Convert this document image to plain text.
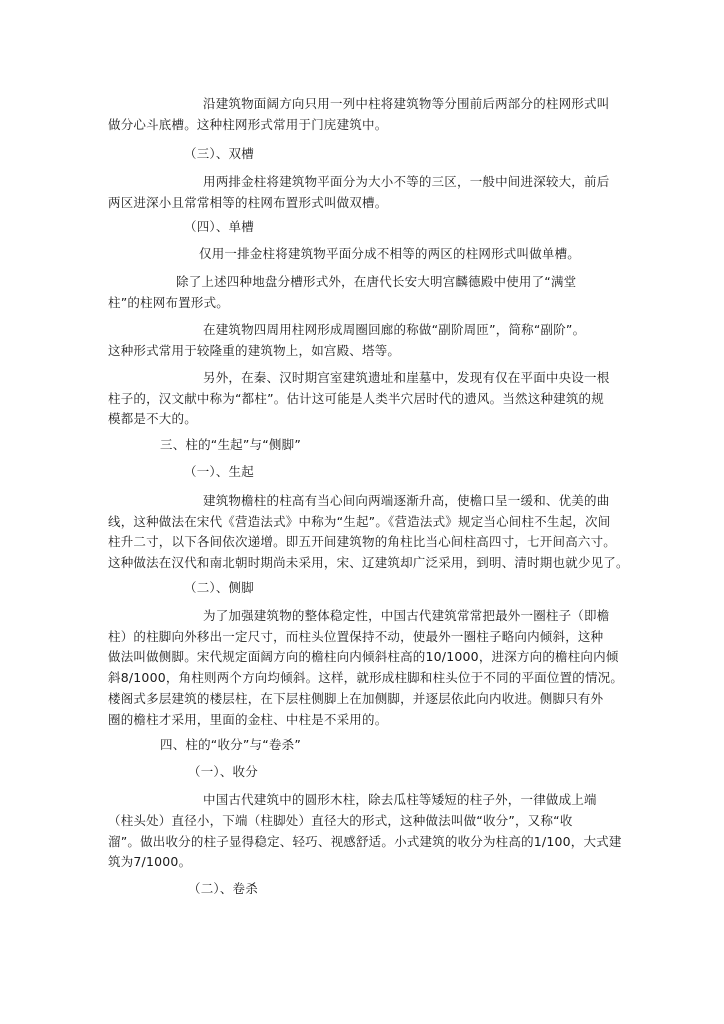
沿建筑物面阔方向只用一列中柱将建筑物等分围前后两部分的柱网形式叫
做分心斗底槽。这种柱网形式常用于门庑建筑中。
（三）、双槽
用两排金柱将建筑物平面分为大小不等的三区，一般中间进深较大，前后
两区进深小且常常相等的柱网布置形式叫做双槽。
（四）、单槽
仅用一排金柱将建筑物平面分成不相等的两区的柱网形式叫做单槽。
除了上述四种地盘分槽形式外，在唐代长安大明宫麟德殿中使用了“满堂
柱”的柱网布置形式。
在建筑物四周用柱网形成周圈回廊的称做“副阶周匝”，简称“副阶”。
这种形式常用于较隆重的建筑物上，如宫殿、塔等。
另外，在秦、汉时期宫室建筑遗址和崖墓中，发现有仅在平面中央设一根
柱子的，汉文献中称为“都柱”。估计这可能是人类半穴居时代的遗风。当然这种建筑的规
模都是不大的。
三、柱的“生起”与“侧脚”
（一）、生起
建筑物檐柱的柱高有当心间向两端逐渐升高，使檐口呈一缓和、优美的曲
线，这种做法在宋代《营造法式》中称为“生起”。《营造法式》规定当心间柱不生起，次间
柱升二寸，以下各间依次递增。即五开间建筑物的角柱比当心间柱高四寸，七开间高六寸。
这种做法在汉代和南北朝时期尚未采用，宋、辽建筑却广泛采用，到明、清时期也就少见了。
（二）、侧脚
为了加强建筑物的整体稳定性，中国古代建筑常常把最外一圈柱子（即檐
柱）的柱脚向外移出一定尺寸，而柱头位置保持不动，使最外一圈柱子略向内倾斜，这种
做法叫做侧脚。宋代规定面阔方向的檐柱向内倾斜柱高的10/1000，进深方向的檐柱向内倾
斜8/1000，角柱则两个方向均倾斜。这样，就形成柱脚和柱头位于不同的平面位置的情况。
楼阁式多层建筑的楼层柱，在下层柱侧脚上在加侧脚，并逐层依此向内收进。侧脚只有外
圈的檐柱才采用，里面的金柱、中柱是不采用的。
四、柱的“收分”与“卷杀”
（一）、收分
中国古代建筑中的圆形木柱，除去瓜柱等矮短的柱子外，一律做成上端
（柱头处）直径小，下端（柱脚处）直径大的形式，这种做法叫做“收分”，又称“收
溜”。做出收分的柱子显得稳定、轻巧、视感舒适。小式建筑的收分为柱高的1/100，大式建
筑为7/1000。
（二）、卷杀
